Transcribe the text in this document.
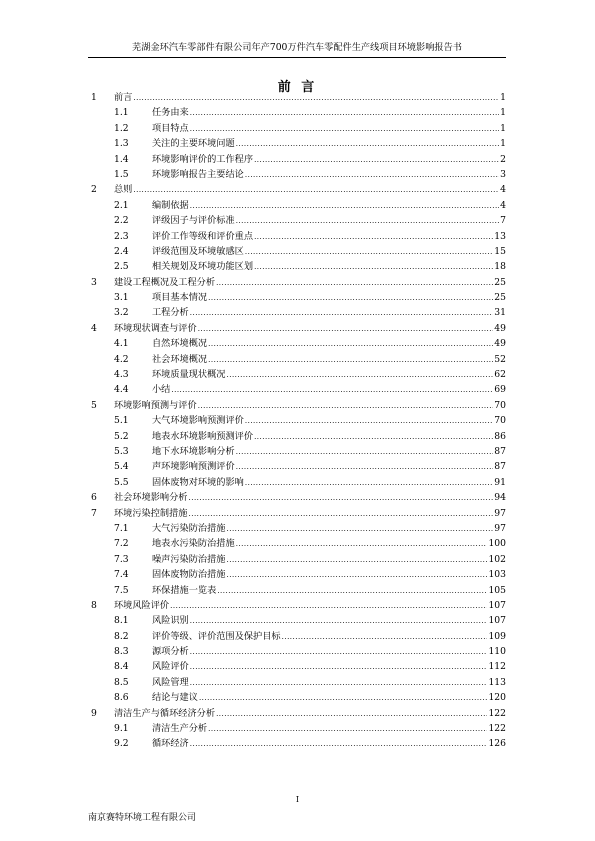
芜湖金环汽车零部件有限公司年产700万件汽车零配件生产线项目环境影响报告书
前 言
1 前言 .....	1
1.1	任务由来 .....	1
1.2	项目特点 .....	1
1.3	关注的主要环境问题 .....	1
1.4	环境影响评价的工作程序 .....	2
1.5	环境影响报告主要结论 .....	3
2 总则 .....	4
2.1	编制依据 .....	4
2.2	评级因子与评价标准 .....	7
2.3	评价工作等级和评价重点 .....	13
2.4	评级范围及环境敏感区 .....	15
2.5	相关规划及环境功能区划 .....	18
3 建设工程概况及工程分析 .....	25
3.1	项目基本情况 .....	25
3.2	工程分析 .....	31
4 环境现状调查与评价 .....	49
4.1	自然环境概况 .....	49
4.2	社会环境概况 .....	52
4.3	环境质量现状概况 .....	62
4.4	小结 .....	69
5 环境影响预测与评价 .....	70
5.1	大气环境影响预测评价 .....	70
5.2	地表水环境影响预测评价 .....	86
5.3	地下水环境影响分析 .....	87
5.4	声环境影响预测评价 .....	87
5.5	固体废物对环境的影响 .....	91
6 社会环境影响分析 .....	94
7 环境污染控制措施 .....	97
7.1	大气污染防治措施 .....	97
7.2	地表水污染防治措施 .....	100
7.3	噪声污染防治措施 .....	102
7.4	固体废物防治措施 .....	103
7.5	环保措施一览表 .....	105
8 环境风险评价 .....	107
8.1	风险识别 .....	107
8.2	评价等级、评价范围及保护目标 .....	109
8.3	源项分析 .....	110
8.4	风险评价 .....	112
8.5	风险管理 .....	113
8.6	结论与建议 .....	120
9 清洁生产与循环经济分析 .....	122
9.1	清洁生产分析 .....	122
9.2	循环经济 .....	126
I
南京赛特环境工程有限公司
